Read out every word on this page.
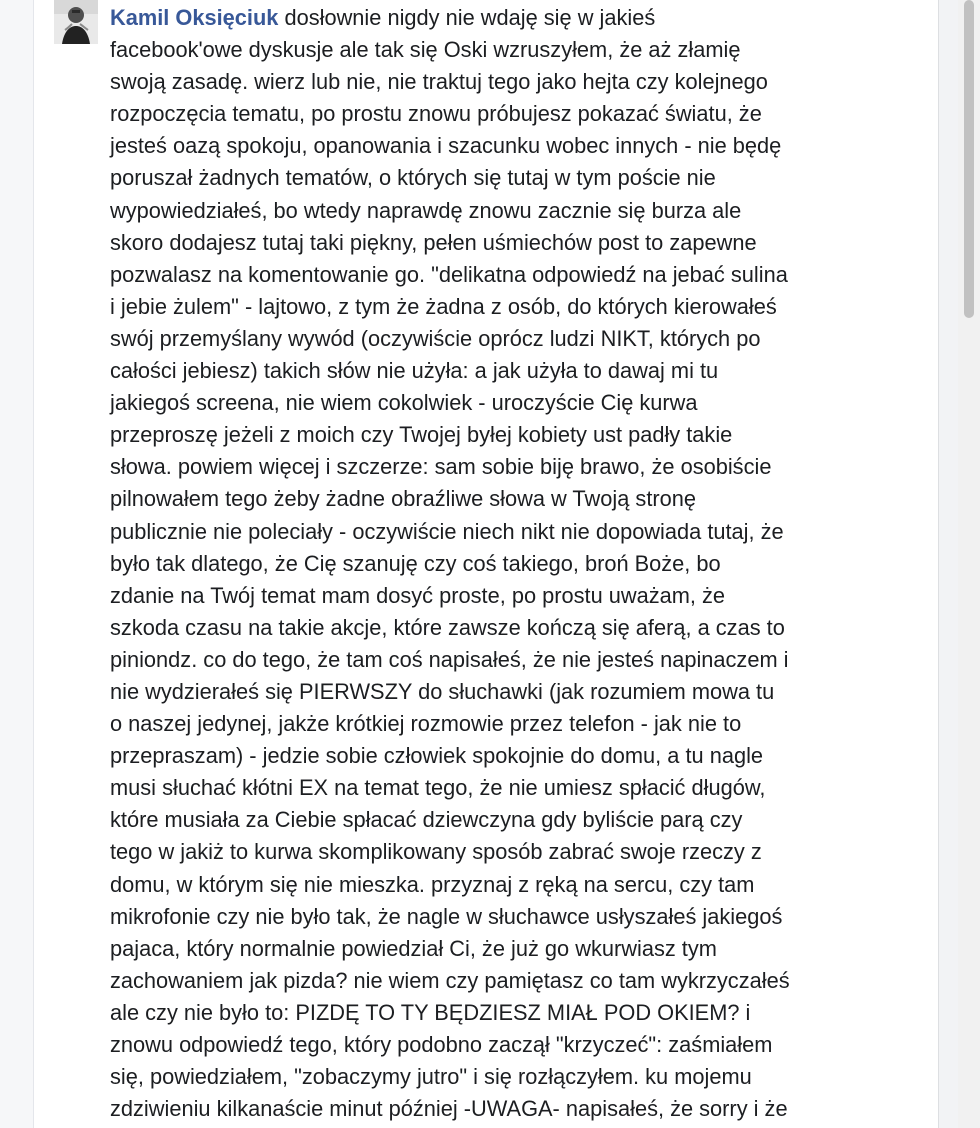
Kamil Oksięciuk dosłownie nigdy nie wdaję się w jakieś
facebook'owe dyskusje ale tak się Oski wzruszyłem, że aż złamię
swoją zasadę. wierz lub nie, nie traktuj tego jako hejta czy kolejnego
rozpoczęcia tematu, po prostu znowu próbujesz pokazać światu, że
jesteś oazą spokoju, opanowania i szacunku wobec innych - nie będę
poruszał żadnych tematów, o których się tutaj w tym poście nie
wypowiedziałeś, bo wtedy naprawdę znowu zacznie się burza ale
skoro dodajesz tutaj taki piękny, pełen uśmiechów post to zapewne
pozwalasz na komentowanie go. "delikatna odpowiedź na jebać sulina
i jebie żulem" - lajtowo, z tym że żadna z osób, do których kierowałeś
swój przemyślany wywód (oczywiście oprócz ludzi NIKT, których po
całości jebiesz) takich słów nie użyła: a jak użyła to dawaj mi tu
jakiegoś screena, nie wiem cokolwiek - uroczyście Cię kurwa
przeproszę jeżeli z moich czy Twojej byłej kobiety ust padły takie
słowa. powiem więcej i szczerze: sam sobie biję brawo, że osobiście
pilnowałem tego żeby żadne obraźliwe słowa w Twoją stronę
publicznie nie poleciały - oczywiście niech nikt nie dopowiada tutaj, że
było tak dlatego, że Cię szanuję czy coś takiego, broń Boże, bo
zdanie na Twój temat mam dosyć proste, po prostu uważam, że
szkoda czasu na takie akcje, które zawsze kończą się aferą, a czas to
piniondz. co do tego, że tam coś napisałeś, że nie jesteś napinaczem i
nie wydzierałeś się PIERWSZY do słuchawki (jak rozumiem mowa tu
o naszej jedynej, jakże krótkiej rozmowie przez telefon - jak nie to
przepraszam) - jedzie sobie człowiek spokojnie do domu, a tu nagle
musi słuchać kłótni EX na temat tego, że nie umiesz spłacić długów,
które musiała za Ciebie spłacać dziewczyna gdy byliście parą czy
tego w jakiż to kurwa skomplikowany sposób zabrać swoje rzeczy z
domu, w którym się nie mieszka. przyznaj z ręką na sercu, czy tam
mikrofonie czy nie było tak, że nagle w słuchawce usłyszałeś jakiegoś
pajaca, który normalnie powiedział Ci, że już go wkurwiasz tym
zachowaniem jak pizda? nie wiem czy pamiętasz co tam wykrzyczałeś
ale czy nie było to: PIZDĘ TO TY BĘDZIESZ MIAŁ POD OKIEM? i
znowu odpowiedź tego, który podobno zaczął "krzyczeć": zaśmiałem
się, powiedziałem, "zobaczymy jutro" i się rozłączyłem. ku mojemu
zdziwieniu kilkanaście minut później -UWAGA- napisałeś, że sorry i że
